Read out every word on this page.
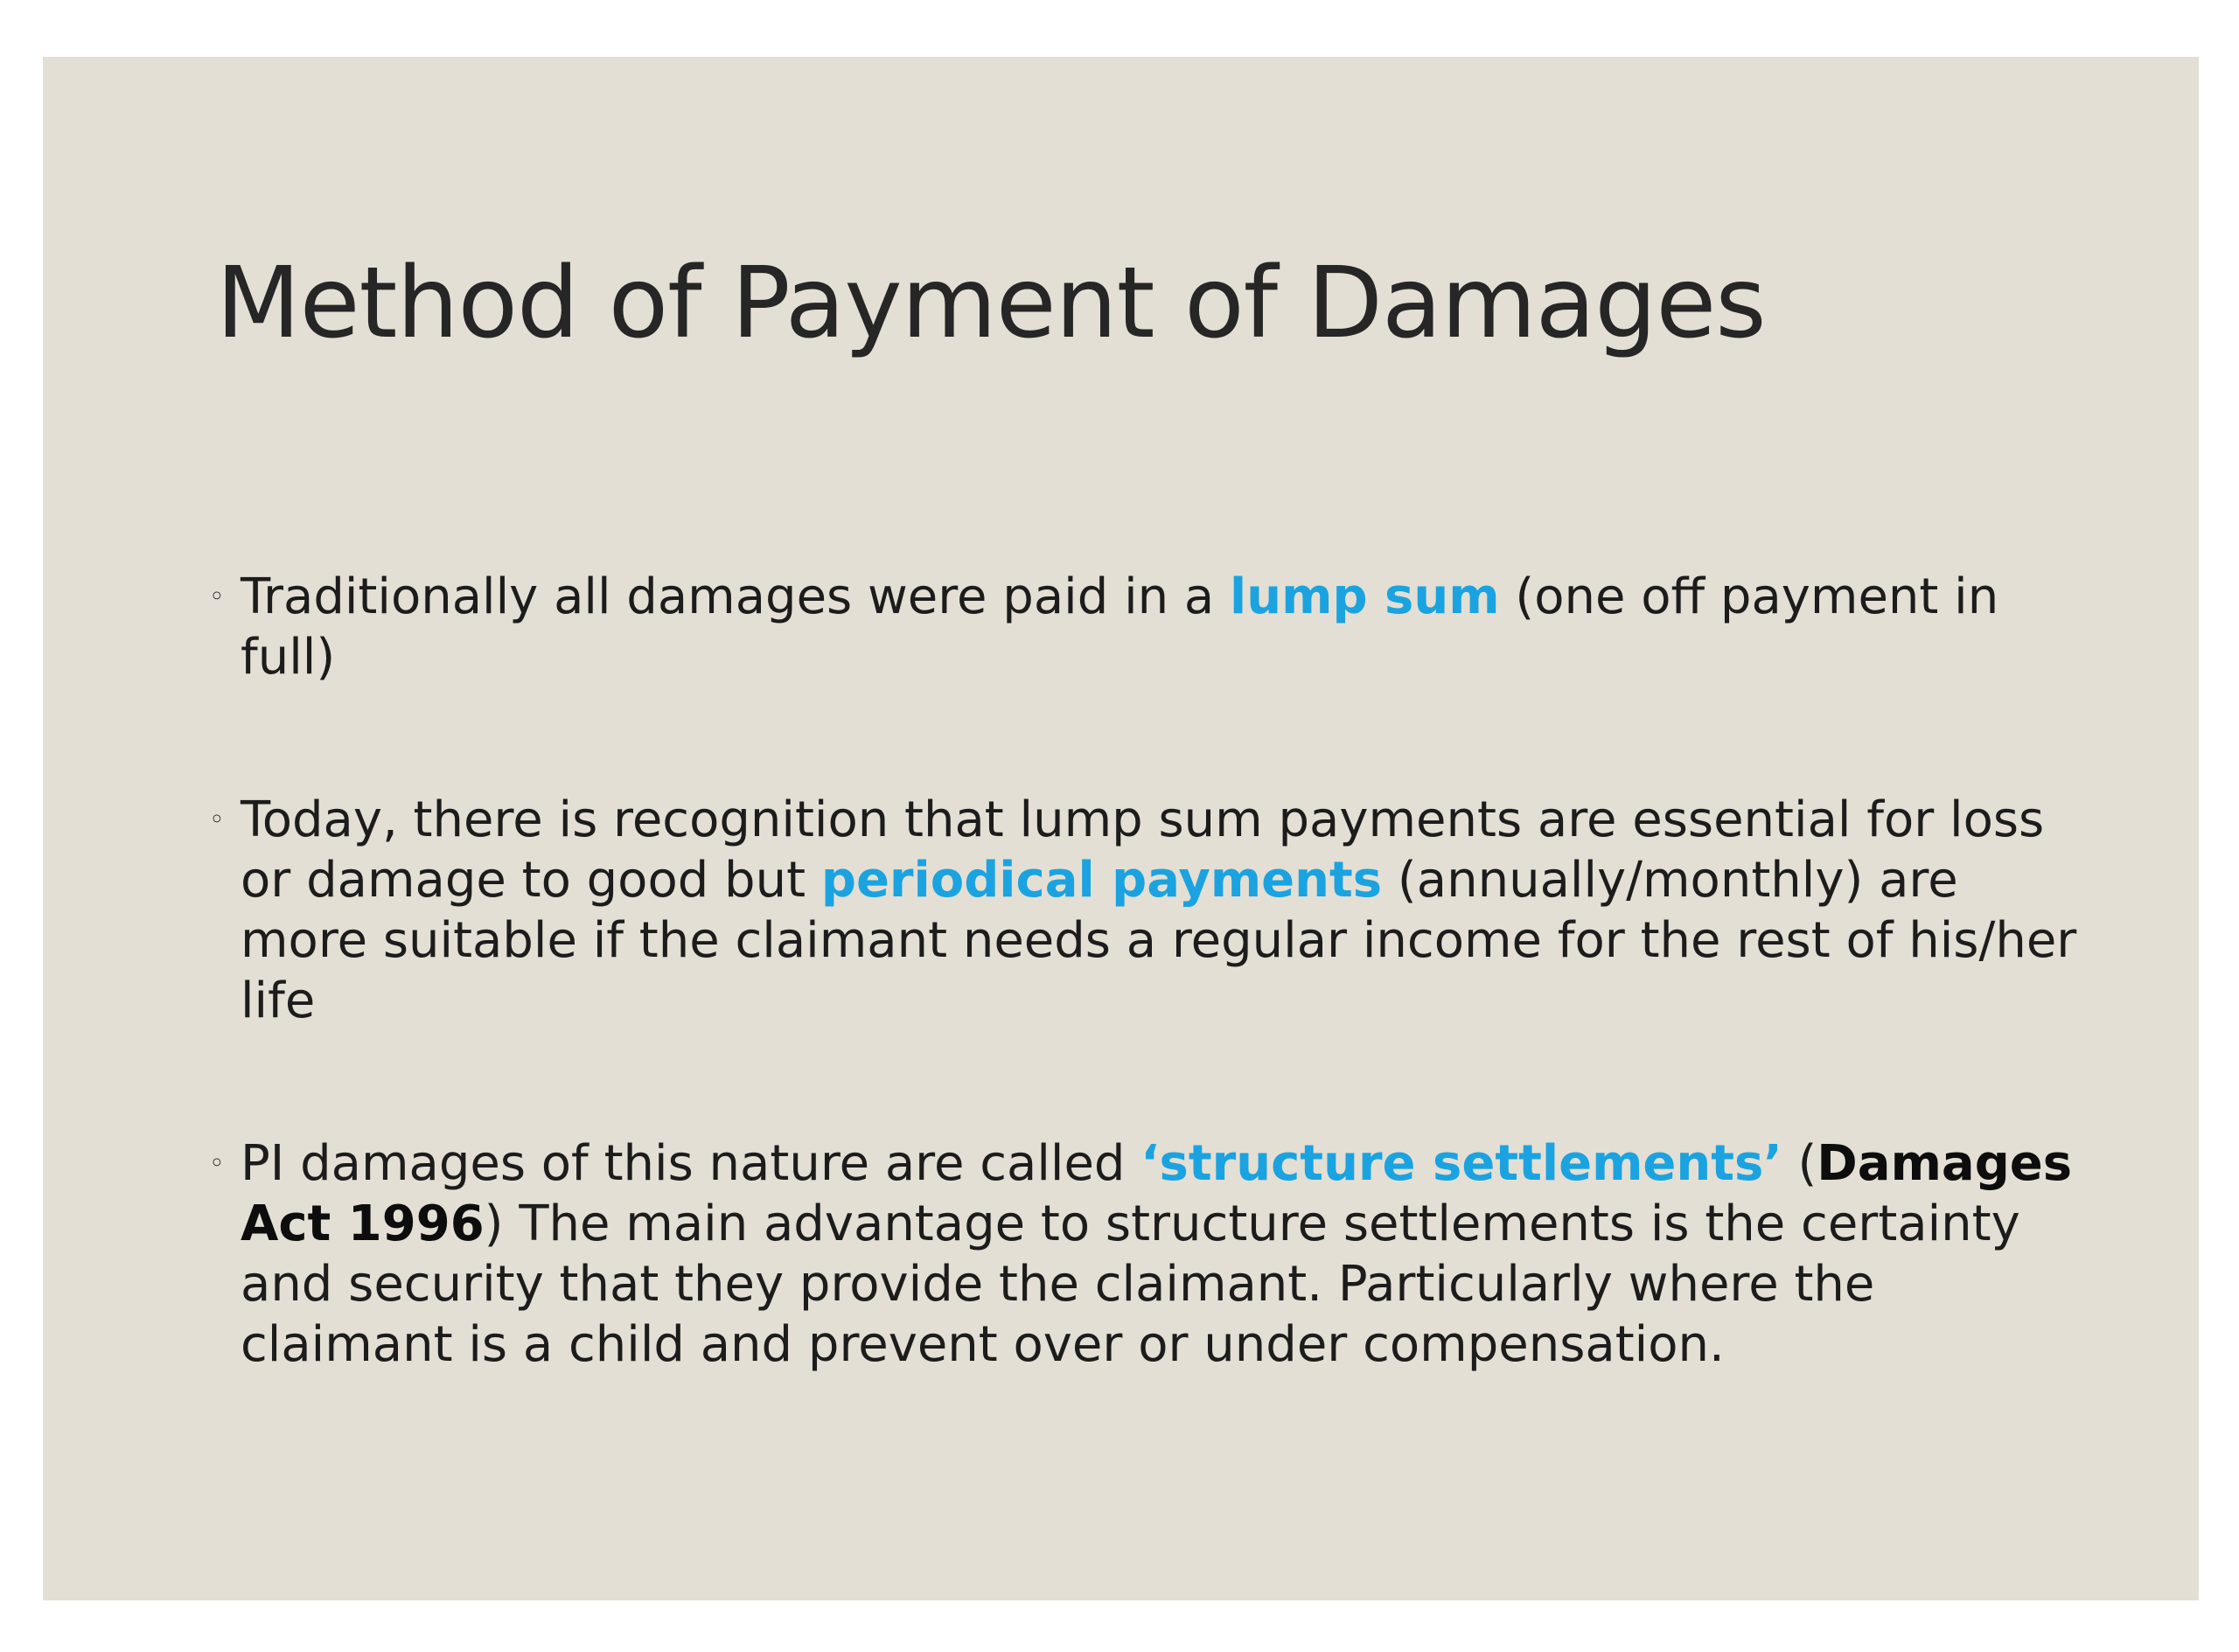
Method of Payment of Damages
◦ Traditionally all damages were paid in a lump sum (one off payment in full)
◦ Today, there is recognition that lump sum payments are essential for loss or damage to good but periodical payments (annually/monthly) are more suitable if the claimant needs a regular income for the rest of his/her life
◦ PI damages of this nature are called ‘structure settlements’ (Damages Act 1996) The main advantage to structure settlements is the certainty and security that they provide the claimant. Particularly where the claimant is a child and prevent over or under compensation.
